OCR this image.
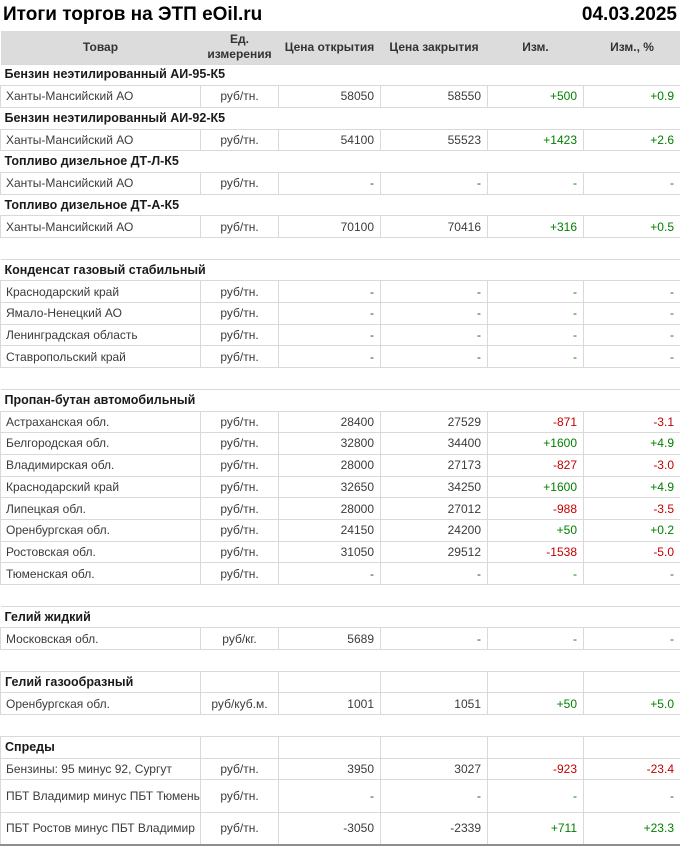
Итоги торгов на ЭТП eOil.ru	04.03.2025
Товар	Ед. измерения	Цена открытия	Цена закрытия	Изм.	Изм., %
Бензин неэтилированный АИ-95-К5					
Ханты-Мансийский АО	руб/тн.	58050	58550	+500	+0.9
Бензин неэтилированный АИ-92-К5					
Ханты-Мансийский АО	руб/тн.	54100	55523	+1423	+2.6
Топливо дизельное ДТ-Л-К5					
Ханты-Мансийский АО	руб/тн.	-	-	-	-
Топливо дизельное ДТ-А-К5					
Ханты-Мансийский АО	руб/тн.	70100	70416	+316	+0.5

Конденсат газовый стабильный					
Краснодарский край	руб/тн.	-	-	-	-
Ямало-Ненецкий АО	руб/тн.	-	-	-	-
Ленинградская область	руб/тн.	-	-	-	-
Ставропольский край	руб/тн.	-	-	-	-

Пропан-бутан автомобильный					
Астраханская обл.	руб/тн.	28400	27529	-871	-3.1
Белгородская обл.	руб/тн.	32800	34400	+1600	+4.9
Владимирская обл.	руб/тн.	28000	27173	-827	-3.0
Краснодарский край	руб/тн.	32650	34250	+1600	+4.9
Липецкая обл.	руб/тн.	28000	27012	-988	-3.5
Оренбургская обл.	руб/тн.	24150	24200	+50	+0.2
Ростовская обл.	руб/тн.	31050	29512	-1538	-5.0
Тюменская обл.	руб/тн.	-	-	-	-

Гелий жидкий					
Московская обл.	руб/кг.	5689	-	-	-

Гелий газообразный					
Оренбургская обл.	руб/куб.м.	1001	1051	+50	+5.0

Спреды					
Бензины: 95 минус 92, Сургут	руб/тн.	3950	3027	-923	-23.4
ПБТ Владимир минус ПБТ Тюмень	руб/тн.	-	-	-	-
ПБТ Ростов минус ПБТ Владимир	руб/тн.	-3050	-2339	+711	+23.3
